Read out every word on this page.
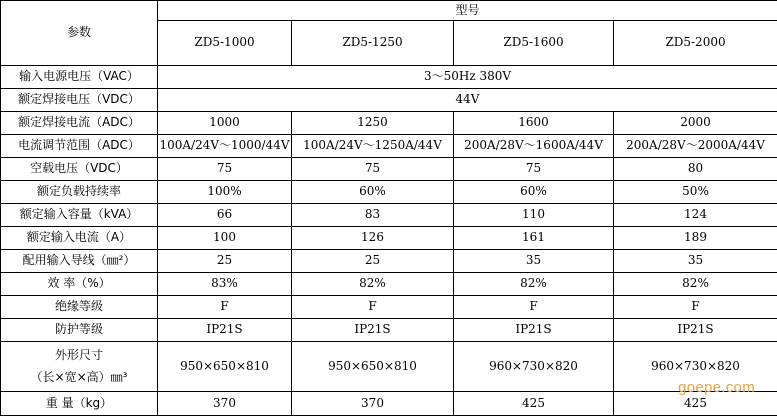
参数	型号			
	ZD5-1000	ZD5-1250	ZD5-1600	ZD5-2000
输入电源电压（VAC）	3～50Hz 380V			
额定焊接电压（VDC）	44V			
额定焊接电流（ADC）	1000	1250	1600	2000
电流调节范围（ADC）	100A/24V～1000/44V	100A/24V～1250A/44V	200A/28V～1600A/44V	200A/28V～2000A/44V
空载电压（VDC）	75	75	75	80
额定负载持续率	100%	60%	60%	50%
额定输入容量（kVA）	66	83	110	124
额定输入电流（A）	100	126	161	189
配用输入导线（㎜²）	25	25	35	35
效 率（%）	83%	82%	82%	82%
绝缘等级	F	F	F	F
防护等级	IP21S	IP21S	IP21S	IP21S

外形尺寸
（长×宽×高）㎜³	950×650×810	950×650×810	960×730×820	960×730×820
重 量（kg）	370	370	425	425
goepe.com
